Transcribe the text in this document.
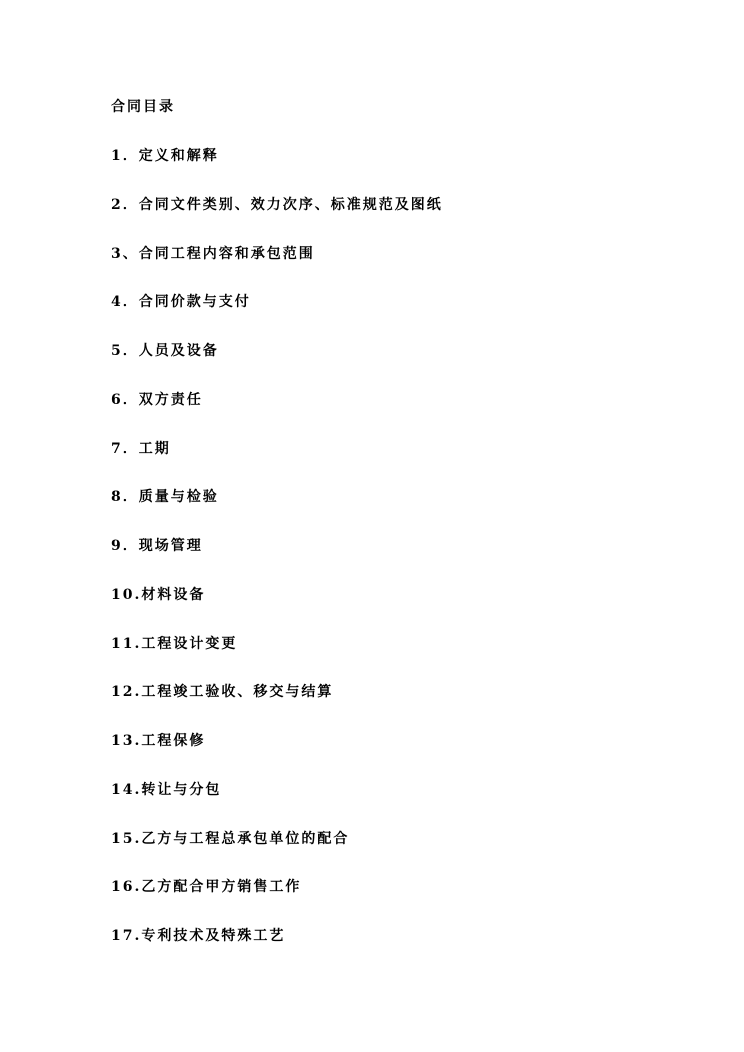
合同目录
1．定义和解释
2．合同文件类别、效力次序、标准规范及图纸
3、合同工程内容和承包范围
4．合同价款与支付
5．人员及设备
6．双方责任
7．工期
8．质量与检验
9．现场管理
10.材料设备
11.工程设计变更
12.工程竣工验收、移交与结算
13.工程保修
14.转让与分包
15.乙方与工程总承包单位的配合
16.乙方配合甲方销售工作
17.专利技术及特殊工艺
